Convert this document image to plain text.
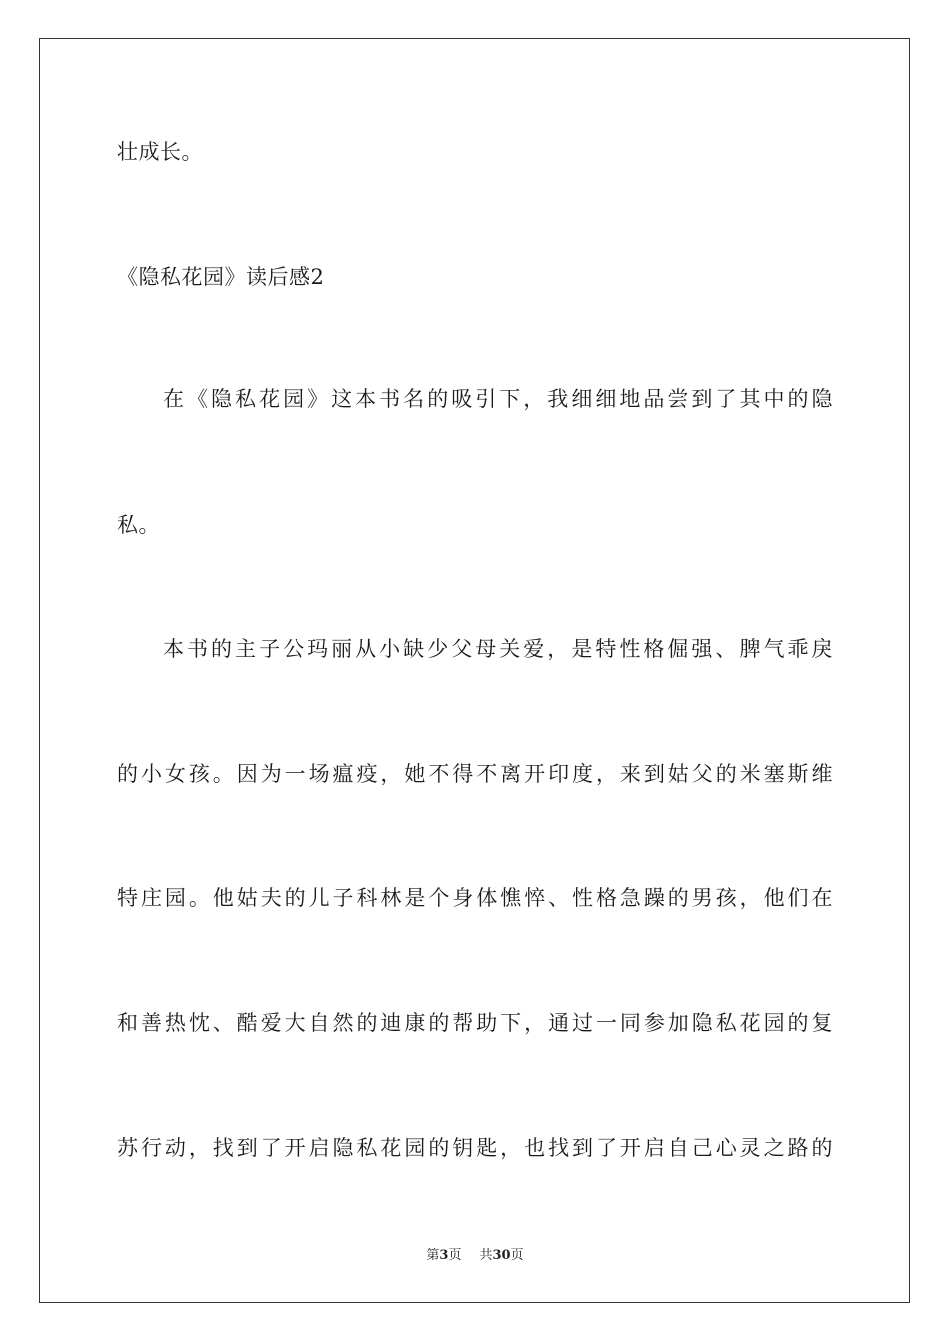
壮成长。
《隐私花园》读后感2
在《隐私花园》这本书名的吸引下，我细细地品尝到了其中的隐
私。
本书的主子公玛丽从小缺少父母关爱，是特性格倔强、脾气乖戾
的小女孩。因为一场瘟疫，她不得不离开印度，来到姑父的米塞斯维
特庄园。他姑夫的儿子科林是个身体憔悴、性格急躁的男孩，他们在
和善热忱、酷爱大自然的迪康的帮助下，通过一同参加隐私花园的复
苏行动，找到了开启隐私花园的钥匙，也找到了开启自己心灵之路的
第3页 共30页
